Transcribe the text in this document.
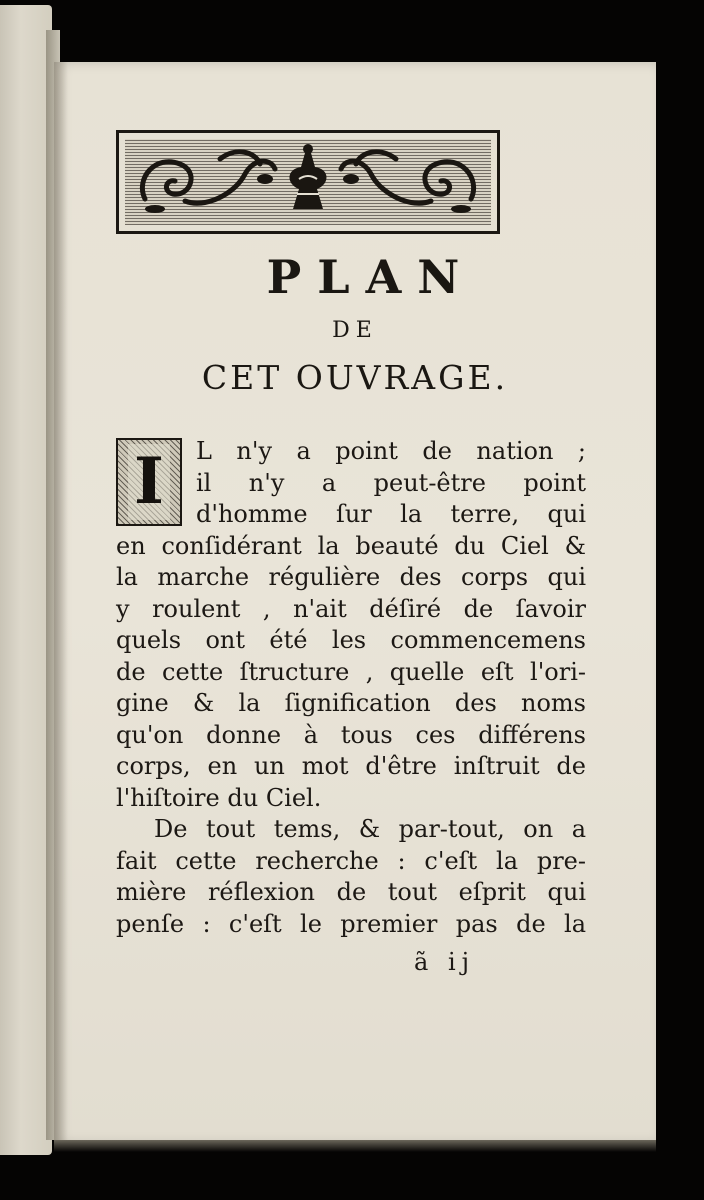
PLAN
DE
CET OUVRAGE.
I L n'y a point de nation ;
il n'y a peut-être point
d'homme ſur la terre, qui
en conſidérant la beauté du Ciel &
la marche régulière des corps qui
y roulent , n'ait déſiré de ſavoir
quels ont été les commencemens
de cette ſtructure , quelle eſt l'ori-
gine & la ſignification des noms
qu'on donne à tous ces différens
corps, en un mot d'être inſtruit de
l'hiſtoire du Ciel.
De tout tems, & par-tout, on a
fait cette recherche : c'eſt la pre-
mière réflexion de tout eſprit qui
penſe : c'eſt le premier pas de la
ã ij
